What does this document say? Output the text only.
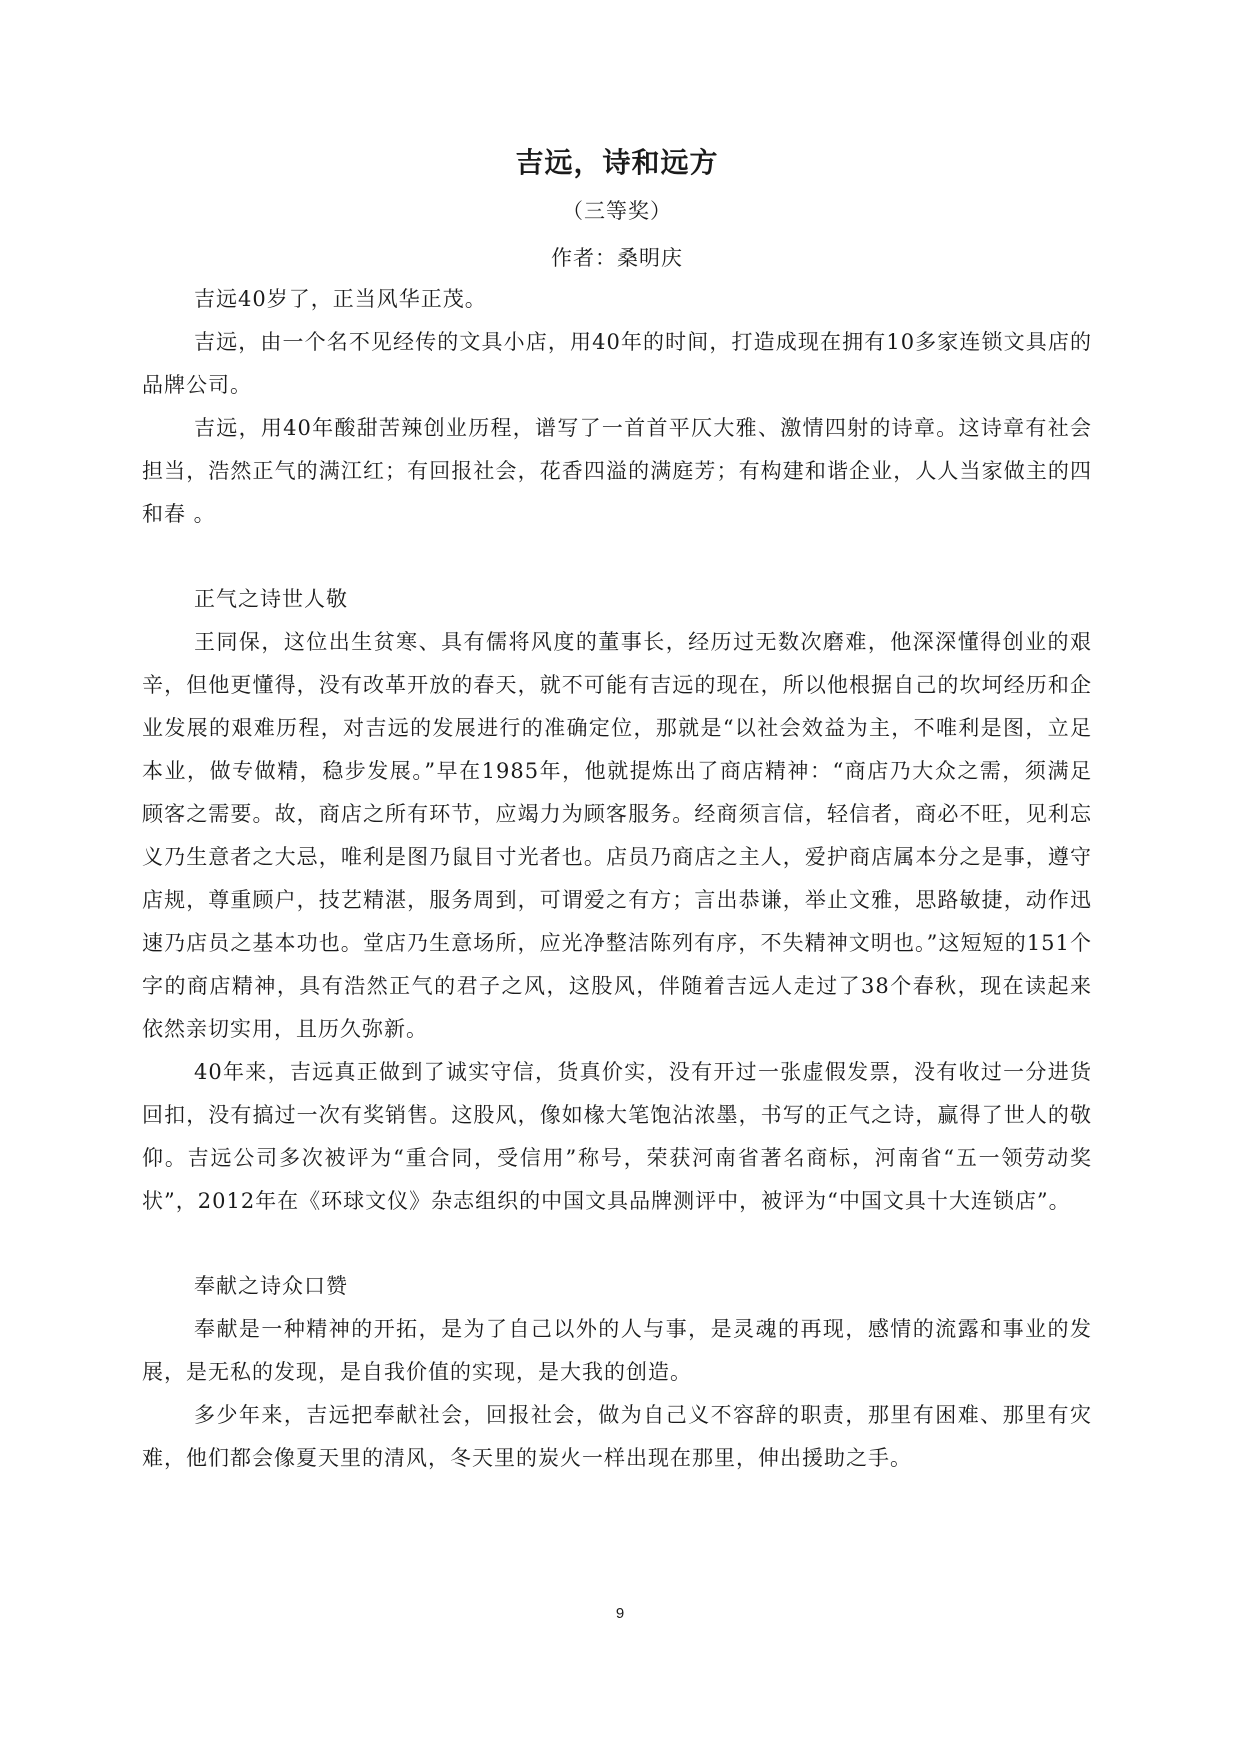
吉远，诗和远方

（三等奖）

作者：桑明庆

吉远40岁了，正当风华正茂。

吉远，由一个名不见经传的文具小店，用40年的时间，打造成现在拥有10多家连锁文具店的品牌公司。

吉远，用40年酸甜苦辣创业历程，谱写了一首首平仄大雅、激情四射的诗章。这诗章有社会担当，浩然正气的满江红；有回报社会，花香四溢的满庭芳；有构建和谐企业，人人当家做主的四和春 。

正气之诗世人敬

王同保，这位出生贫寒、具有儒将风度的董事长，经历过无数次磨难，他深深懂得创业的艰辛，但他更懂得，没有改革开放的春天，就不可能有吉远的现在，所以他根据自己的坎坷经历和企业发展的艰难历程，对吉远的发展进行的准确定位，那就是“以社会效益为主，不唯利是图，立足本业，做专做精，稳步发展。”早在1985年，他就提炼出了商店精神：“商店乃大众之需，须满足顾客之需要。故，商店之所有环节，应竭力为顾客服务。经商须言信，轻信者，商必不旺，见利忘义乃生意者之大忌，唯利是图乃鼠目寸光者也。店员乃商店之主人，爱护商店属本分之是事，遵守店规，尊重顾户，技艺精湛，服务周到，可谓爱之有方；言出恭谦，举止文雅，思路敏捷，动作迅速乃店员之基本功也。堂店乃生意场所，应光净整洁陈列有序，不失精神文明也。”这短短的151个字的商店精神，具有浩然正气的君子之风，这股风，伴随着吉远人走过了38个春秋，现在读起来依然亲切实用，且历久弥新。

40年来，吉远真正做到了诚实守信，货真价实，没有开过一张虚假发票，没有收过一分进货回扣，没有搞过一次有奖销售。这股风，像如椽大笔饱沾浓墨，书写的正气之诗，赢得了世人的敬仰。吉远公司多次被评为“重合同，受信用”称号，荣获河南省著名商标，河南省“五一领劳动奖状”，2012年在《环球文仪》杂志组织的中国文具品牌测评中，被评为“中国文具十大连锁店”。

奉献之诗众口赞

奉献是一种精神的开拓，是为了自己以外的人与事，是灵魂的再现，感情的流露和事业的发展，是无私的发现，是自我价值的实现，是大我的创造。

多少年来，吉远把奉献社会，回报社会，做为自己义不容辞的职责，那里有困难、那里有灾难，他们都会像夏天里的清风，冬天里的炭火一样出现在那里，伸出援助之手。

9
